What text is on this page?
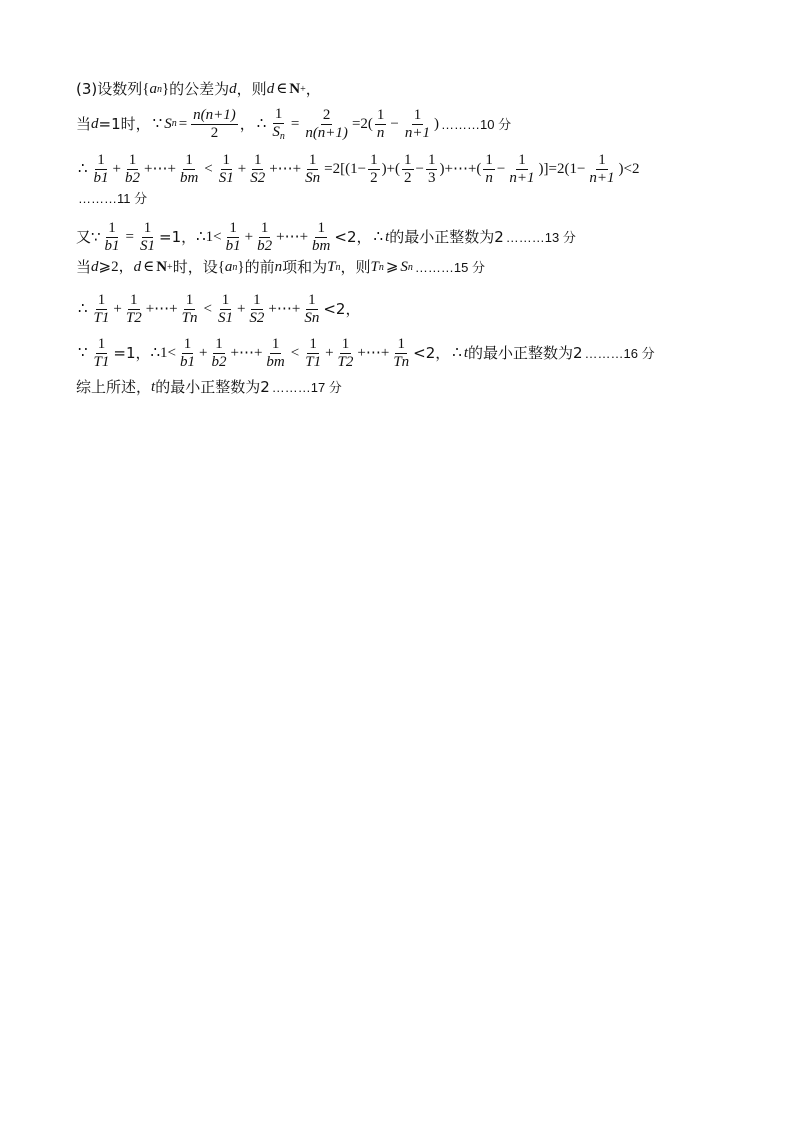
(3)设数列 { a n } 的公差为 d ，则 d ∈ N + ，
当 d =1时， ∵ S $n = \frac{n(n+1)}{2}$ ， ∴ $\frac{1}{S_n} = \frac{2}{n(n+1)} =2( \frac{1}{n} - \frac{1}{n+1}$ ) ………10 分
∴ $\frac{1}{b1} + \frac{1}{b2}$ +⋯+ $\frac{1}{bm} < \frac{1}{S1} + \frac{1}{S2}$ +⋯+ $\frac{1}{Sn} =2[(1- \frac{1}{2}$ )+( $\frac{1}{2} - \frac{1}{3}$ )+⋯+( $\frac{1}{n} - \frac{1}{n+1} )]=2(1- \frac{1}{n+1} )<2$
………11 分
又∵ $\frac{1}{b1} = \frac{1}{S1} =1$， ∴1< $\frac{1}{b1} + \frac{1}{b2}$ +⋯+ $\frac{1}{bm} <2$， ∴ t 的最小正整数为2 ………13 分
当 d ⩾2， d ∈ N + 时，设 { a n } 的前 n 项和为 T n ，则 T n ⩾ S n ………15 分
∴ $\frac{1}{T1} + \frac{1}{T2}$ +⋯+ $\frac{1}{Tn} < \frac{1}{S1} + \frac{1}{S2}$ +⋯+ $\frac{1}{Sn} <2$，
∵ $\frac{1}{T1} =1$， ∴1< $\frac{1}{b1} + \frac{1}{b2}$ +⋯+ $\frac{1}{bm} < \frac{1}{T1} + \frac{1}{T2}$ +⋯+ $\frac{1}{Tn} <2$， ∴ t 的最小正整数为2 ………16 分
综上所述， t 的最小正整数为2 ………17 分
